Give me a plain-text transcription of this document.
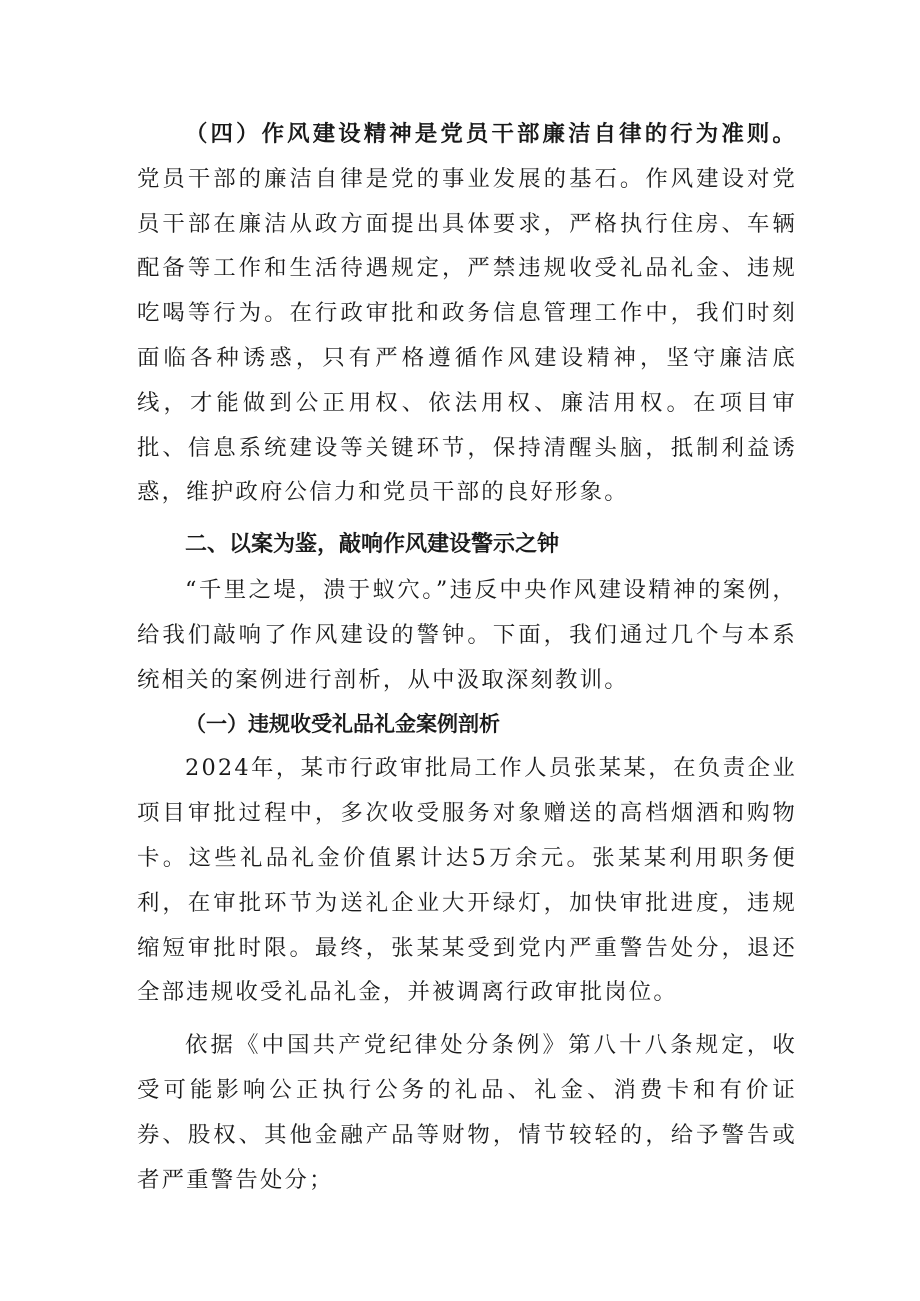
（四）作风建设精神是党员干部廉洁自律的行为准则。党员干部的廉洁自律是党的事业发展的基石。作风建设对党员干部在廉洁从政方面提出具体要求，严格执行住房、车辆配备等工作和生活待遇规定，严禁违规收受礼品礼金、违规吃喝等行为。在行政审批和政务信息管理工作中，我们时刻面临各种诱惑，只有严格遵循作风建设精神，坚守廉洁底线，才能做到公正用权、依法用权、廉洁用权。在项目审批、信息系统建设等关键环节，保持清醒头脑，抵制利益诱惑，维护政府公信力和党员干部的良好形象。

二、以案为鉴，敲响作风建设警示之钟

“千里之堤，溃于蚁穴。”违反中央作风建设精神的案例，给我们敲响了作风建设的警钟。下面，我们通过几个与本系统相关的案例进行剖析，从中汲取深刻教训。

（一）违规收受礼品礼金案例剖析

2024年，某市行政审批局工作人员张某某，在负责企业项目审批过程中，多次收受服务对象赠送的高档烟酒和购物卡。这些礼品礼金价值累计达5万余元。张某某利用职务便利，在审批环节为送礼企业大开绿灯，加快审批进度，违规缩短审批时限。最终，张某某受到党内严重警告处分，退还全部违规收受礼品礼金，并被调离行政审批岗位。

依据《中国共产党纪律处分条例》第八十八条规定，收受可能影响公正执行公务的礼品、礼金、消费卡和有价证券、股权、其他金融产品等财物，情节较轻的，给予警告或者严重警告处分；
